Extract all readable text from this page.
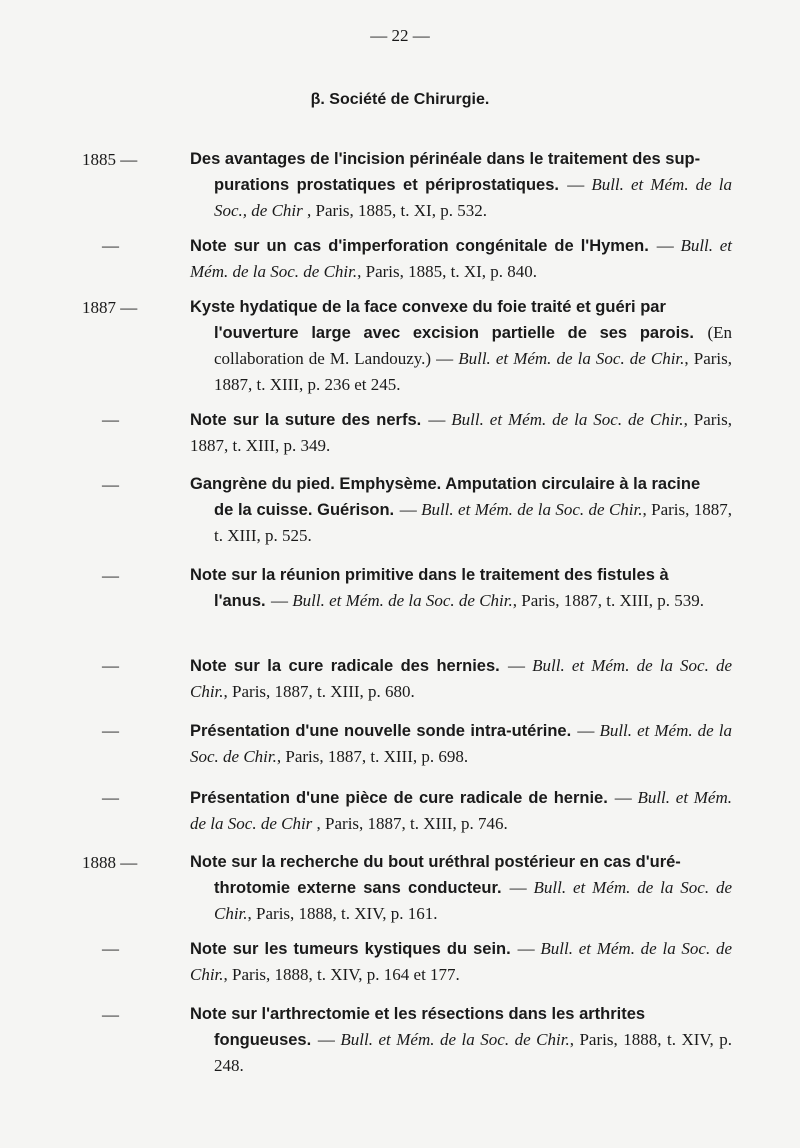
— 22 —
β. Société de Chirurgie.
1885 —	Des avantages de l'incision périnéale dans le traitement des sup-
purations prostatiques et périprostatiques. — Bull. et Mém. de la Soc., de Chir , Paris, 1885, t. XI, p. 532.
—	Note sur un cas d'imperforation congénitale de l'Hymen. — Bull. et Mém. de la Soc. de Chir., Paris, 1885, t. XI, p. 840.
1887 —	Kyste hydatique de la face convexe du foie traité et guéri par
l'ouverture large avec excision partielle de ses parois. (En collaboration de M. Landouzy.) — Bull. et Mém. de la Soc. de Chir., Paris, 1887, t. XIII, p. 236 et 245.
—	Note sur la suture des nerfs. — Bull. et Mém. de la Soc. de Chir., Paris, 1887, t. XIII, p. 349.
—	Gangrène du pied. Emphysème. Amputation circulaire à la racine
de la cuisse. Guérison. — Bull. et Mém. de la Soc. de Chir., Paris, 1887, t. XIII, p. 525.
—	Note sur la réunion primitive dans le traitement des fistules à
l'anus. — Bull. et Mém. de la Soc. de Chir., Paris, 1887, t. XIII, p. 539.
—	Note sur la cure radicale des hernies. — Bull. et Mém. de la Soc. de Chir., Paris, 1887, t. XIII, p. 680.
—	Présentation d'une nouvelle sonde intra-utérine. — Bull. et Mém. de la Soc. de Chir., Paris, 1887, t. XIII, p. 698.
—	Présentation d'une pièce de cure radicale de hernie. — Bull. et Mém. de la Soc. de Chir , Paris, 1887, t. XIII, p. 746.
1888 —	Note sur la recherche du bout uréthral postérieur en cas d'uré-
throtomie externe sans conducteur. — Bull. et Mém. de la Soc. de Chir., Paris, 1888, t. XIV, p. 161.
—	Note sur les tumeurs kystiques du sein. — Bull. et Mém. de la Soc. de Chir., Paris, 1888, t. XIV, p. 164 et 177.
—	Note sur l'arthrectomie et les résections dans les arthrites
fongueuses. — Bull. et Mém. de la Soc. de Chir., Paris, 1888, t. XIV, p. 248.
